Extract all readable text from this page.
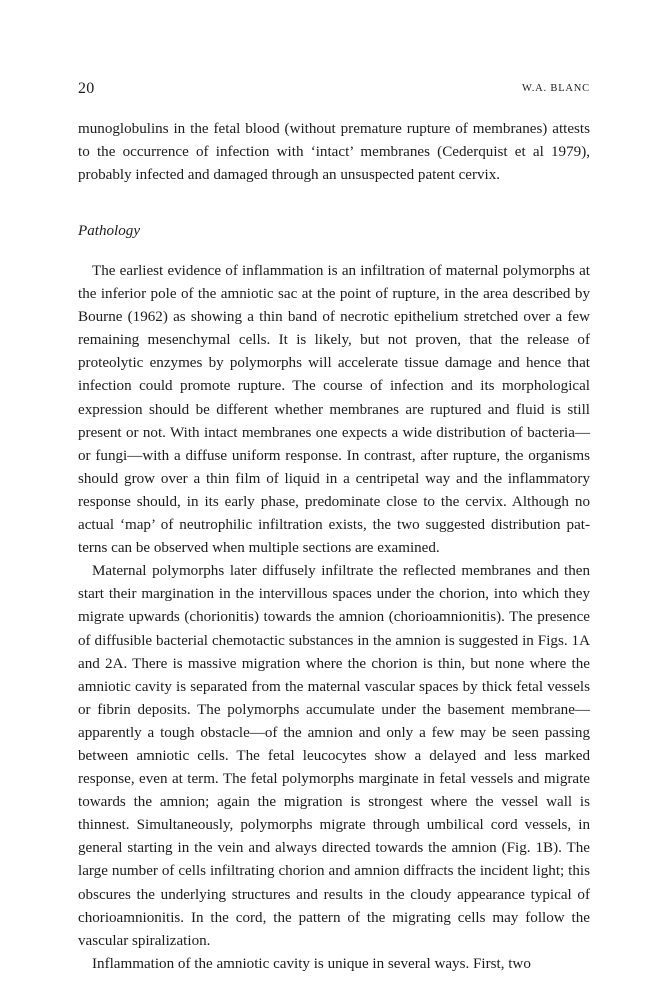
20	W.A. BLANC

munoglobulins in the fetal blood (without premature rupture of membranes) attests to the occurrence of infection with ‘intact’ membranes (Cederquist et al 1979), probably infected and damaged through an unsuspected patent cervix.

Pathology

The earliest evidence of inflammation is an infiltration of maternal polymorphs at the inferior pole of the amniotic sac at the point of rupture, in the area described by Bourne (1962) as showing a thin band of necrotic epithelium stretched over a few remaining mesenchymal cells. It is likely, but not proven, that the release of proteolytic enzymes by polymorphs will accelerate tissue damage and hence that infection could promote rupture. The course of infection and its morphological expression should be different whether membranes are ruptured and fluid is still present or not. With intact membranes one expects a wide distribution of bacteria—or fungi—with a diffuse uniform response. In contrast, after rupture, the organisms should grow over a thin film of liquid in a centripetal way and the inflammatory response should, in its early phase, predominate close to the cervix. Although no actual ‘map’ of neutrophilic infiltration exists, the two suggested distribution patterns can be observed when multiple sections are examined.

Maternal polymorphs later diffusely infiltrate the reflected membranes and then start their margination in the intervillous spaces under the chorion, into which they migrate upwards (chorionitis) towards the amnion (chorioamnionitis). The presence of diffusible bacterial chemotactic substances in the amnion is suggested in Figs. 1A and 2A. There is massive migration where the chorion is thin, but none where the amniotic cavity is separated from the maternal vascular spaces by thick fetal vessels or fibrin deposits. The polymorphs accumulate under the basement membrane—apparently a tough obstacle—of the amnion and only a few may be seen passing between amniotic cells. The fetal leucocytes show a delayed and less marked response, even at term. The fetal polymorphs marginate in fetal vessels and migrate towards the amnion; again the migration is strongest where the vessel wall is thinnest. Simultaneously, polymorphs migrate through umbilical cord vessels, in general starting in the vein and always directed towards the amnion (Fig. 1B). The large number of cells infiltrating chorion and amnion diffracts the incident light; this obscures the underlying structures and results in the cloudy appearance typical of chorioamnionitis. In the cord, the pattern of the migrating cells may follow the vascular spiralization.

Inflammation of the amniotic cavity is unique in several ways. First, two
